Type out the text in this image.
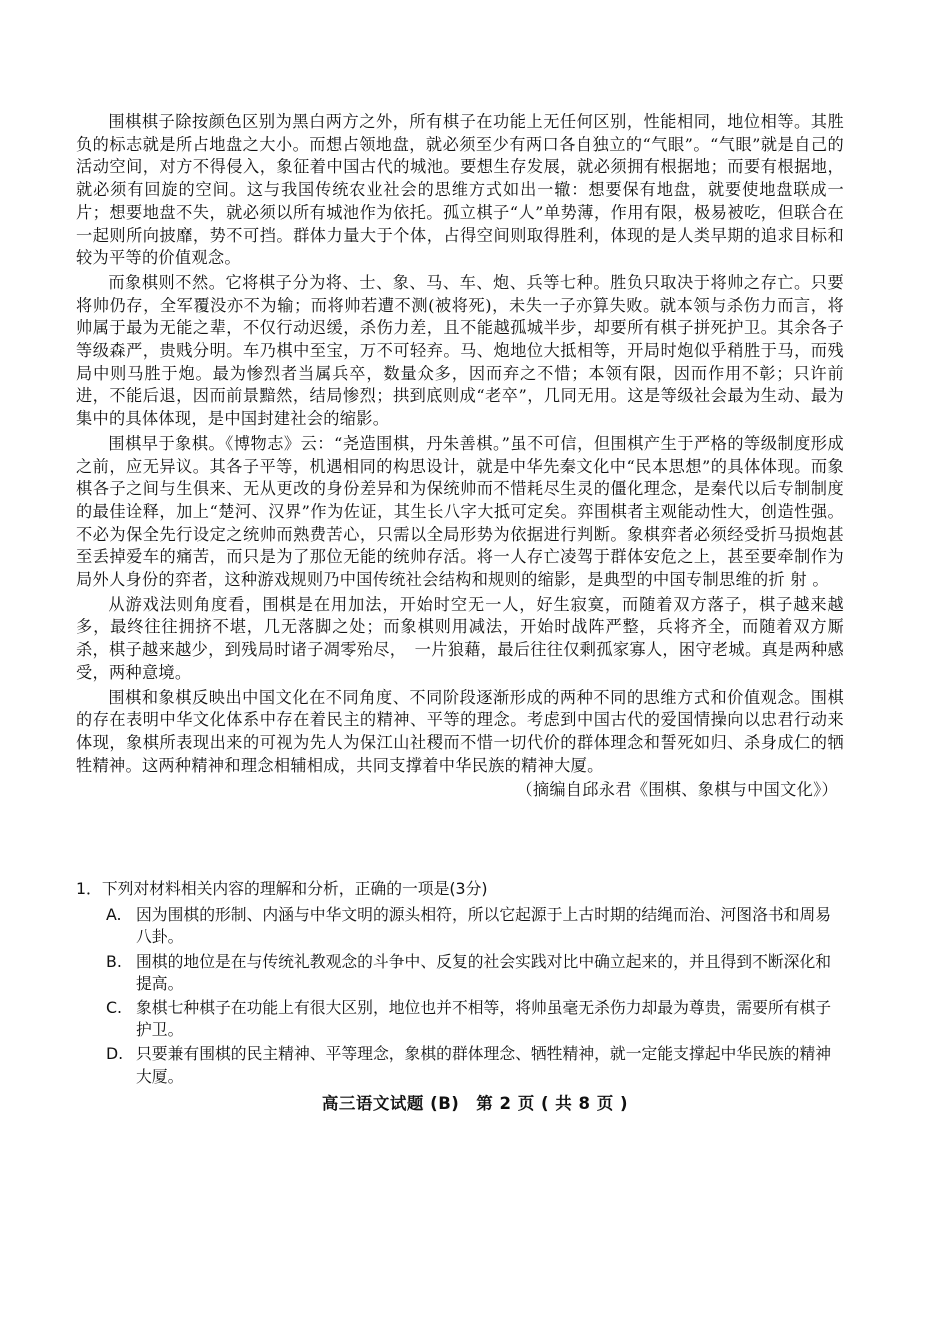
围棋棋子除按颜色区别为黑白两方之外，所有棋子在功能上无任何区别，性能相同，地位相等。其胜负的标志就是所占地盘之大小。而想占领地盘，就必须至少有两口各自独立的“气眼”。“气眼”就是自己的活动空间，对方不得侵入，象征着中国古代的城池。要想生存发展，就必须拥有根据地；而要有根据地，就必须有回旋的空间。这与我国传统农业社会的思维方式如出一辙：想要保有地盘，就要使地盘联成一片；想要地盘不失，就必须以所有城池作为依托。孤立棋子“人”单势薄，作用有限，极易被吃，但联合在一起则所向披靡，势不可挡。群体力量大于个体，占得空间则取得胜利，体现的是人类早期的追求目标和较为平等的价值观念。

而象棋则不然。它将棋子分为将、士、象、马、车、炮、兵等七种。胜负只取决于将帅之存亡。只要将帅仍存，全军覆没亦不为输；而将帅若遭不测(被将死)，未失一子亦算失败。就本领与杀伤力而言，将帅属于最为无能之辈，不仅行动迟缓，杀伤力差，且不能越孤城半步，却要所有棋子拼死护卫。其余各子等级森严，贵贱分明。车乃棋中至宝，万不可轻弃。马、炮地位大抵相等，开局时炮似乎稍胜于马，而残局中则马胜于炮。最为惨烈者当属兵卒，数量众多，因而弃之不惜；本领有限，因而作用不彰；只许前进，不能后退，因而前景黯然，结局惨烈；拱到底则成“老卒”，几同无用。这是等级社会最为生动、最为集中的具体体现，是中国封建社会的缩影。

围棋早于象棋。《博物志》云：“尧造围棋，丹朱善棋。”虽不可信，但围棋产生于严格的等级制度形成之前，应无异议。其各子平等，机遇相同的构思设计，就是中华先秦文化中“民本思想”的具体体现。而象棋各子之间与生俱来、无从更改的身份差异和为保统帅而不惜耗尽生灵的僵化理念，是秦代以后专制制度的最佳诠释，加上“楚河、汉界”作为佐证，其生长八字大抵可定矣。弈围棋者主观能动性大，创造性强。不必为保全先行设定之统帅而熟费苦心，只需以全局形势为依据进行判断。象棋弈者必须经受折马损炮甚至丢掉爱车的痛苦，而只是为了那位无能的统帅存活。将一人存亡凌驾于群体安危之上，甚至要牵制作为局外人身份的弈者，这种游戏规则乃中国传统社会结构和规则的缩影，是典型的中国专制思维的折 射 。

从游戏法则角度看，围棋是在用加法，开始时空无一人，好生寂寞，而随着双方落子，棋子越来越多，最终往往拥挤不堪，几无落脚之处；而象棋则用减法，开始时战阵严整，兵将齐全，而随着双方厮杀，棋子越来越少，到残局时诸子凋零殆尽，　一片狼藉，最后往往仅剩孤家寡人，困守老城。真是两种感受，两种意境。

围棋和象棋反映出中国文化在不同角度、不同阶段逐渐形成的两种不同的思维方式和价值观念。围棋的存在表明中华文化体系中存在着民主的精神、平等的理念。考虑到中国古代的爱国情操向以忠君行动来体现，象棋所表现出来的可视为先人为保江山社稷而不惜一切代价的群体理念和誓死如归、杀身成仁的牺牲精神。这两种精神和理念相辅相成，共同支撑着中华民族的精神大厦。

（摘编自邱永君《围棋、象棋与中国文化》）
1．下列对材料相关内容的理解和分析，正确的一项是(3分)
A. 因为围棋的形制、内涵与中华文明的源头相符，所以它起源于上古时期的结绳而治、河图洛书和周易八卦。
B. 围棋的地位是在与传统礼教观念的斗争中、反复的社会实践对比中确立起来的，并且得到不断深化和提高。
C. 象棋七种棋子在功能上有很大区别，地位也并不相等，将帅虽毫无杀伤力却最为尊贵，需要所有棋子护卫。
D. 只要兼有围棋的民主精神、平等理念，象棋的群体理念、牺牲精神，就一定能支撑起中华民族的精神大厦。
高三语文试题 (B)　第 2 页 ( 共 8 页 )
